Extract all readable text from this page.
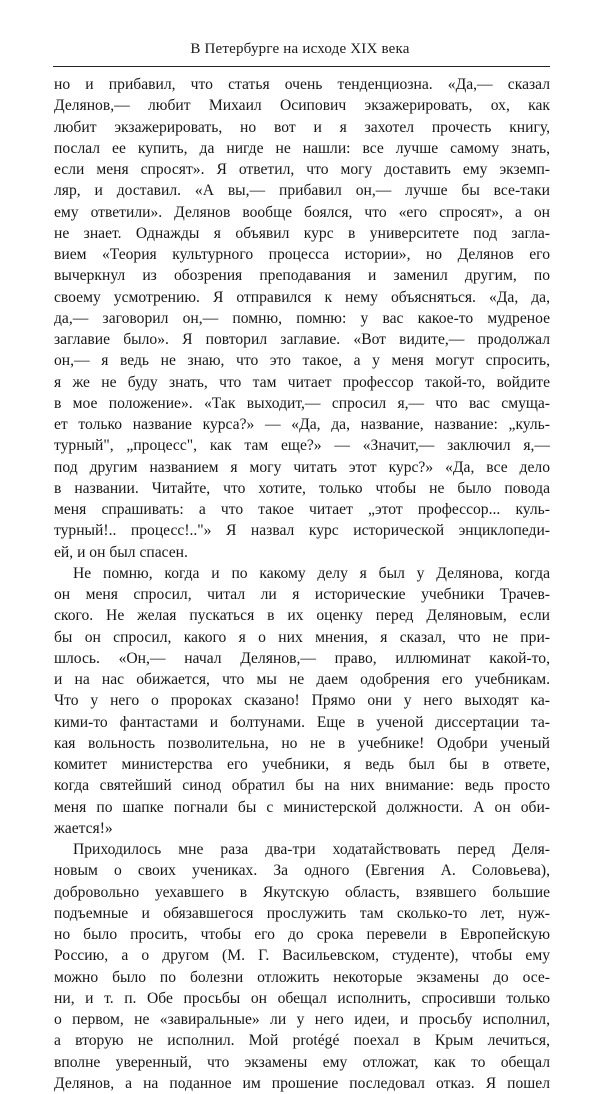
В Петербурге на исходе XIX века
но и прибавил, что статья очень тенденциозна. «Да,— сказал
Делянов,— любит Михаил Осипович экзажерировать, ох, как
любит экзажерировать, но вот и я захотел прочесть книгу,
послал ее купить, да нигде не нашли: все лучше самому знать,
если меня спросят». Я ответил, что могу доставить ему экземп-
ляр, и доставил. «А вы,— прибавил он,— лучше бы все-таки
ему ответили». Делянов вообще боялся, что «его спросят», а он
не знает. Однажды я объявил курс в университете под загла-
вием «Теория культурного процесса истории», но Делянов его
вычеркнул из обозрения преподавания и заменил другим, по
своему усмотрению. Я отправился к нему объясняться. «Да, да,
да,— заговорил он,— помню, помню: у вас какое-то мудреное
заглавие было». Я повторил заглавие. «Вот видите,— продолжал
он,— я ведь не знаю, что это такое, а у меня могут спросить,
я же не буду знать, что там читает профессор такой-то, войдите
в мое положение». «Так выходит,— спросил я,— что вас смуща-
ет только название курса?» — «Да, да, название, название: „куль-
турный", „процесс", как там еще?» — «Значит,— заключил я,—
под другим названием я могу читать этот курс?» «Да, все дело
в названии. Читайте, что хотите, только чтобы не было повода
меня спрашивать: а что такое читает „этот профессор... куль-
турный!.. процесс!.."» Я назвал курс исторической энциклопеди-
ей, и он был спасен.
Не помню, когда и по какому делу я был у Делянова, когда
он меня спросил, читал ли я исторические учебники Трачев-
ского. Не желая пускаться в их оценку перед Деляновым, если
бы он спросил, какого я о них мнения, я сказал, что не при-
шлось. «Он,— начал Делянов,— право, иллюминат какой-то,
и на нас обижается, что мы не даем одобрения его учебникам.
Что у него о пророках сказано! Прямо они у него выходят ка-
кими-то фантастами и болтунами. Еще в ученой диссертации та-
кая вольность позволительна, но не в учебнике! Одобри ученый
комитет министерства его учебники, я ведь был бы в ответе,
когда святейший синод обратил бы на них внимание: ведь просто
меня по шапке погнали бы с министерской должности. А он оби-
жается!»
Приходилось мне раза два-три ходатайствовать перед Деля-
новым о своих учениках. За одного (Евгения А. Соловьева),
добровольно уехавшего в Якутскую область, взявшего большие
подъемные и обязавшегося прослужить там сколько-то лет, нуж-
но было просить, чтобы его до срока перевели в Европейскую
Россию, а о другом (М. Г. Васильевском, студенте), чтобы ему
можно было по болезни отложить некоторые экзамены до осе-
ни, и т. п. Обе просьбы он обещал исполнить, спросивши только
о первом, не «завиральные» ли у него идеи, и просьбу исполнил,
а вторую не исполнил. Мой protégé поехал в Крым лечиться,
вполне уверенный, что экзамены ему отложат, как то обещал
Делянов, а на поданное им прошение последовал отказ. Я пошел
